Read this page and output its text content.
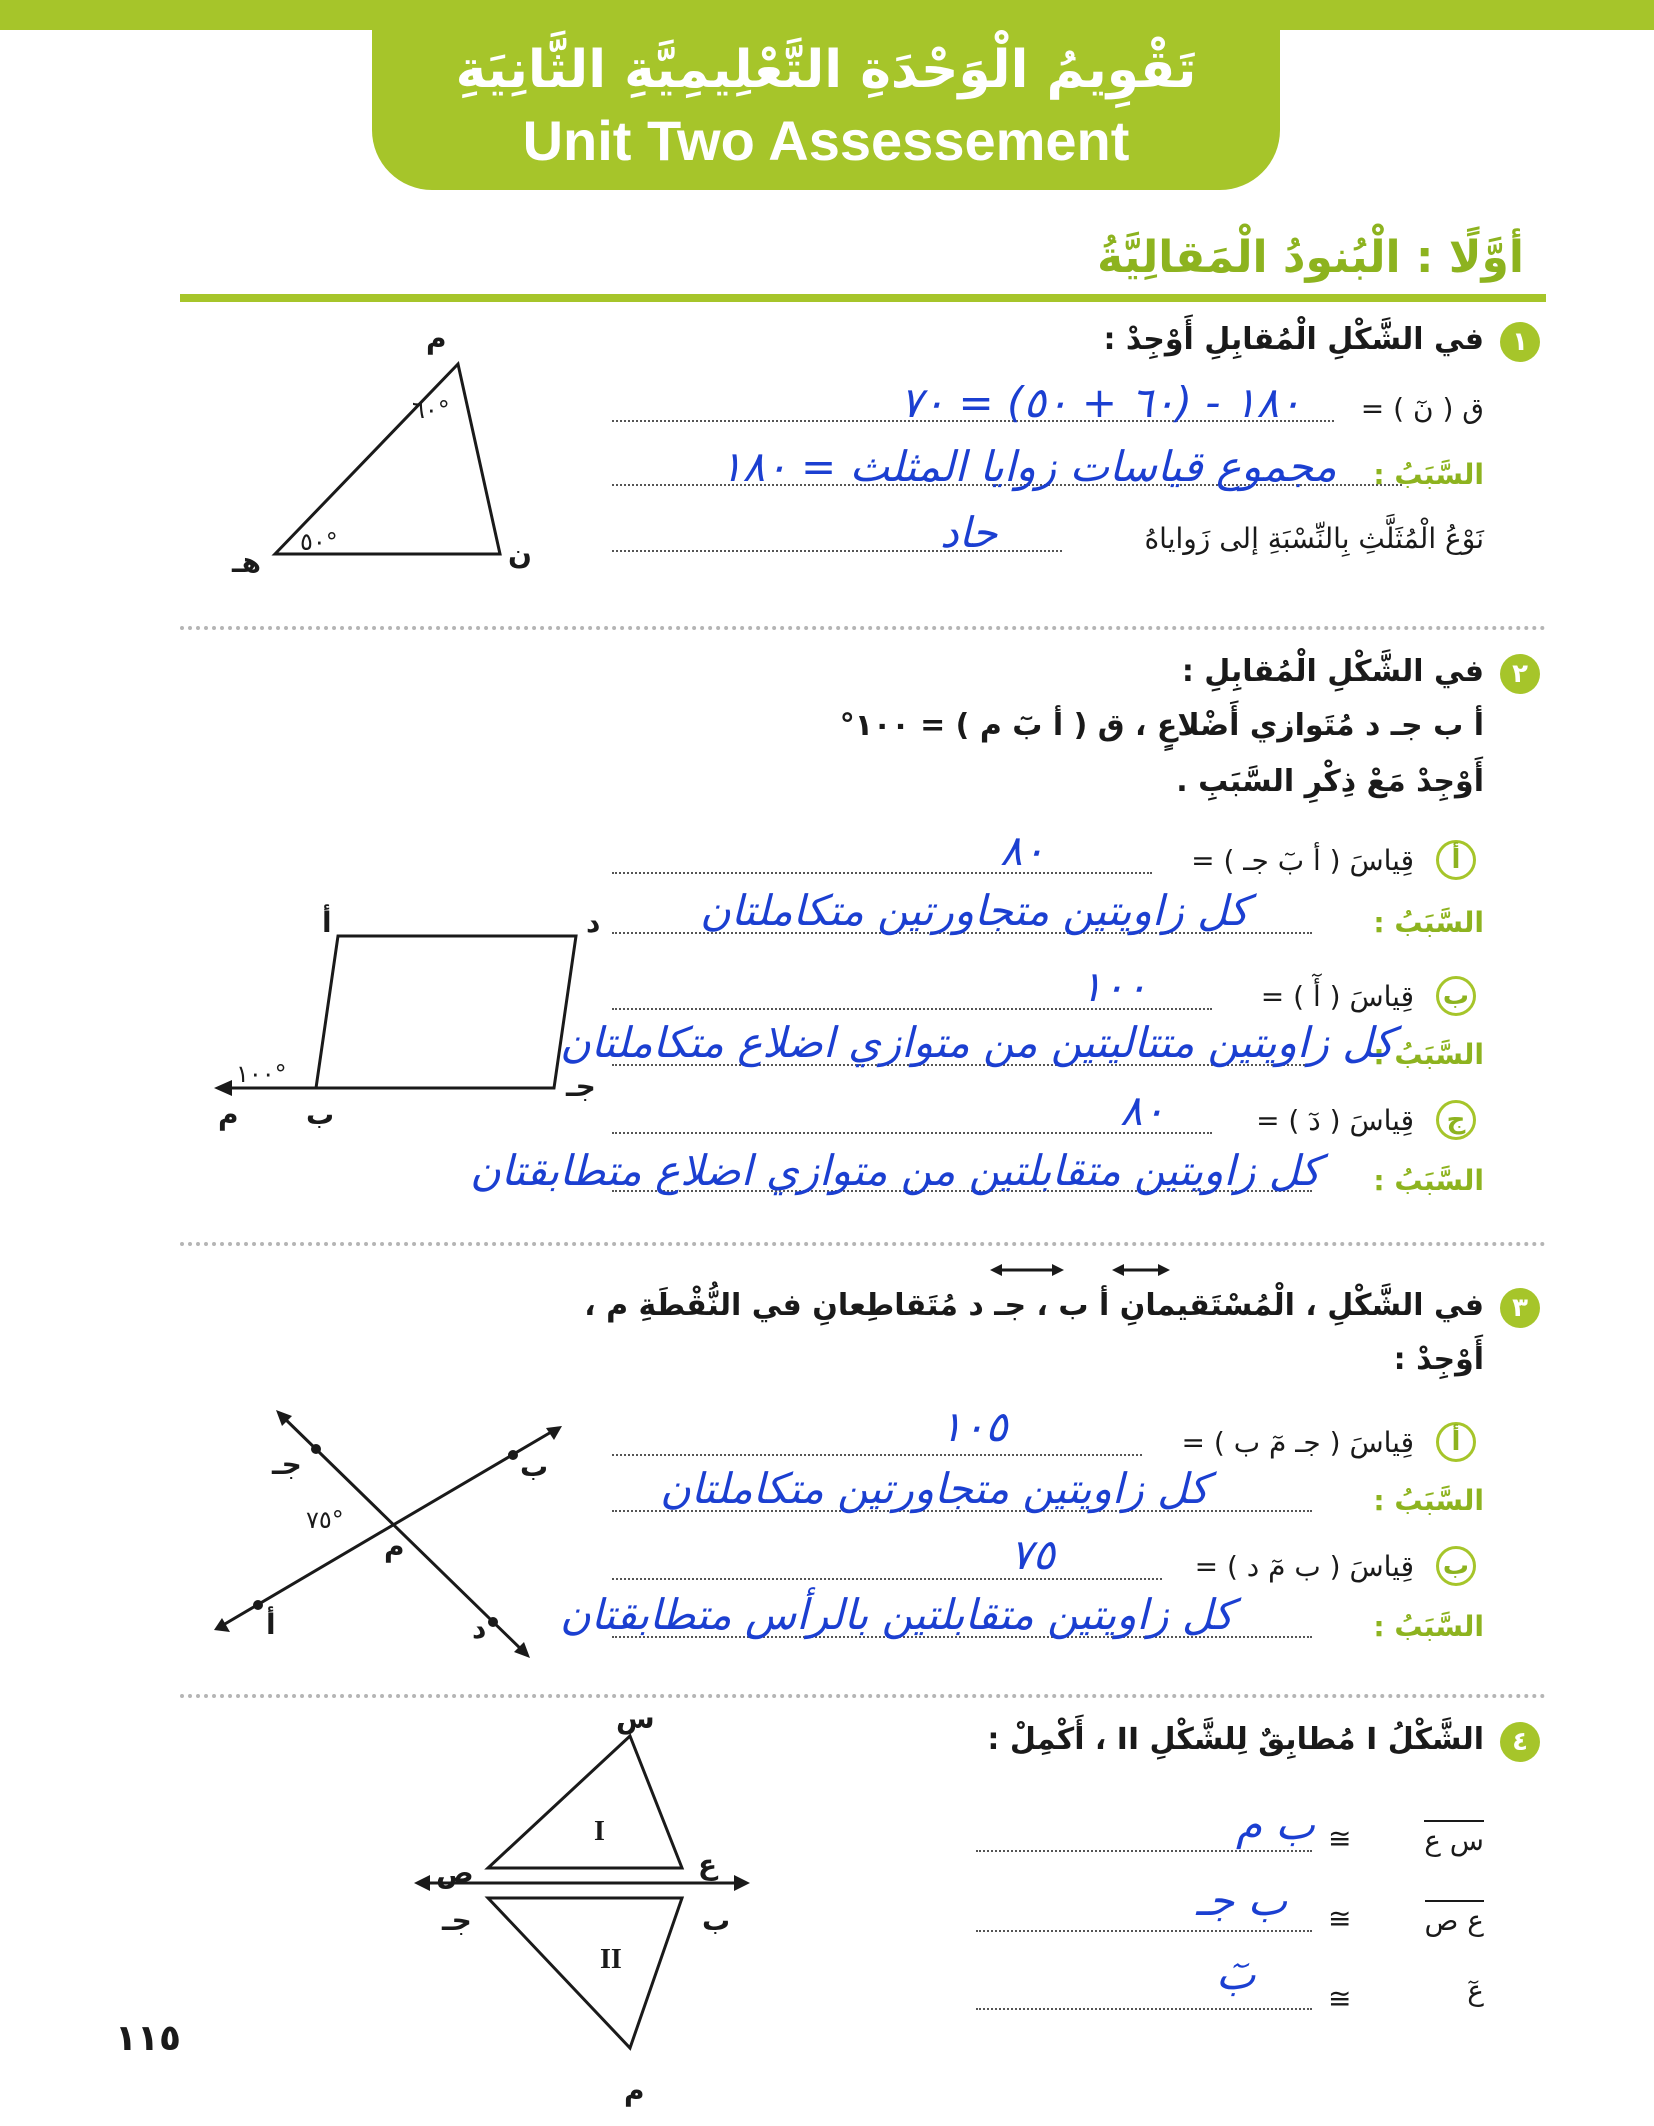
تَقْوِيمُ الْوَحْدَةِ التَّعْلِيمِيَّةِ الثَّانِيَةِ
Unit Two Assessement
أوَّلًا : الْبُنودُ الْمَقالِيَّةُ
١
في الشَّكْلِ الْمُقابِلِ أَوْجِدْ :
ق ( نٓ ) =
١٨٠ - (٦٠ + ٥٠) = ٧٠
السَّبَبُ :
مجموع قياسات زوايا المثلث = ١٨٠
نَوْعُ الْمُثَلَّثِ بِالنِّسْبَةِ إلى زَواياهُ
حاد
م
ن
هـ
٦٠°
٥٠°
٢
في الشَّكْلِ الْمُقابِلِ :
أ ب جـ د مُتَوازي أَضْلاعٍ ، ق ( أ بٓ م ) = ١٠٠°
أَوْجِدْ مَعْ ذِكْرِ السَّبَبِ .
أ
قِياسَ ( أ بٓ جـ ) =
٨٠
السَّبَبُ :
كل زاويتين متجاورتين متكاملتان
ب
قِياسَ ( أٓ ) =
١٠٠
السَّبَبُ :
كل زاويتين متتاليتين من متوازي اضلاع متكاملتان
ج
قِياسَ ( دٓ ) =
٨٠
السَّبَبُ :
كل زاويتين متقابلتين من متوازي اضلاع متطابقتان
أ	د
جـ
ب
م
١٠٠°
٣
في الشَّكْلِ ، الْمُسْتَقيمانِ أ ب ، جـ د مُتَقاطِعانِ في النُّقْطَةِ م ،
أَوْجِدْ :
أ
قِياسَ ( جـ مٓ ب ) =
١٠٥
السَّبَبُ :
كل زاويتين متجاورتين متكاملتان
ب
قِياسَ ( ب مٓ د ) =
٧٥
السَّبَبُ :
كل زاويتين متقابلتين بالرأس متطابقتان
جـ	ب
م
أ	د
٧٥°
٤
الشَّكْلُ I مُطابِقٌ لِلشَّكْلِ II ، أَكْمِلْ :
س ع
≅
ب م
ع ص
≅
ب جـ
عٓ
≅
بٓ
س
ص	ع
جـ	ب
م
I
II
١١٥
